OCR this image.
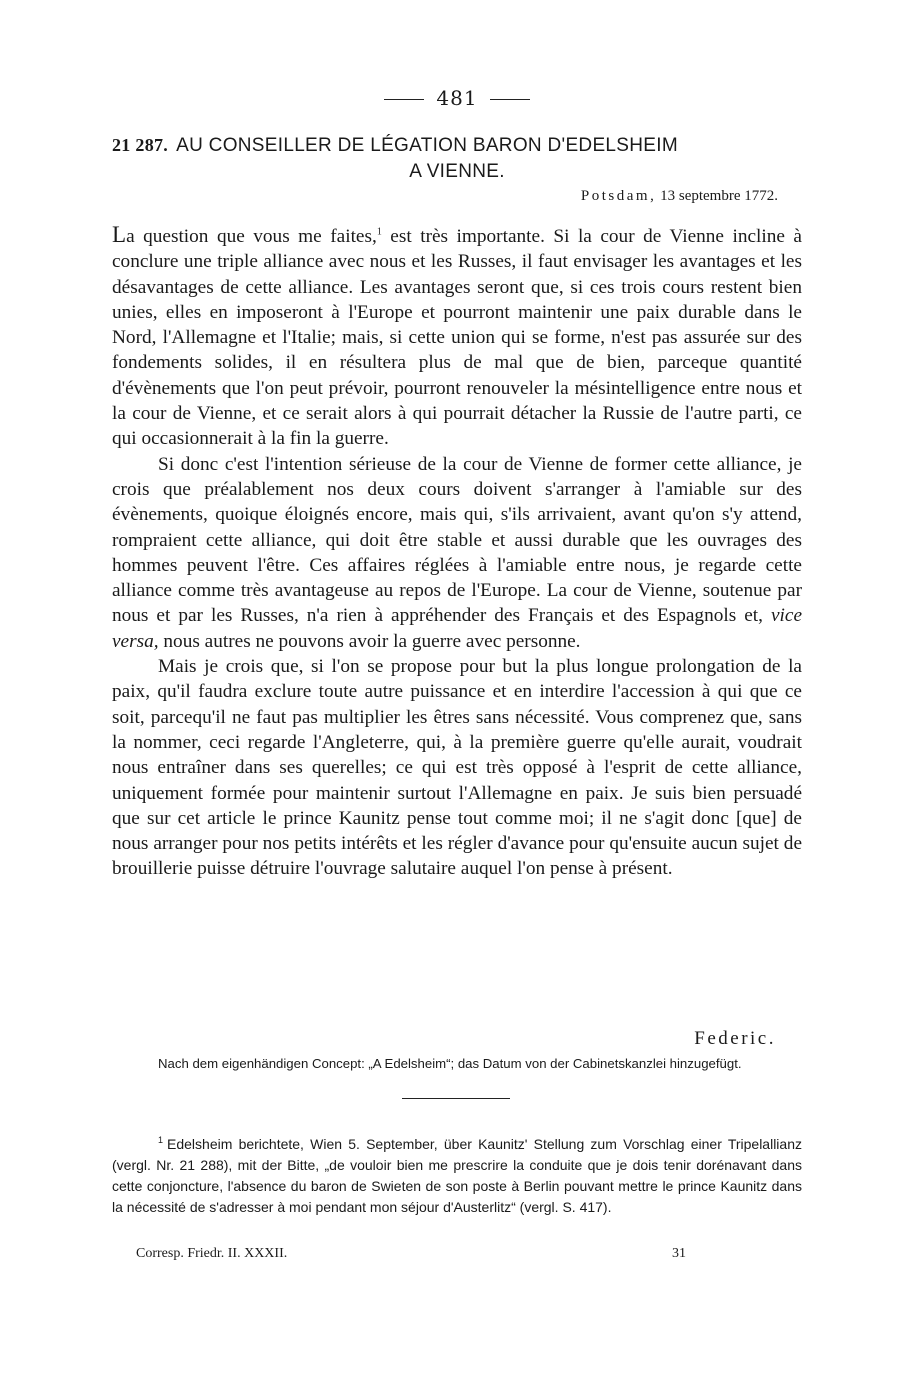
481
21 287. AU CONSEILLER DE LÉGATION BARON D'EDELSHEIM
A VIENNE.
Potsdam, 13 septembre 1772.

La question que vous me faites,$^1$ est très importante. Si la cour de Vienne incline à conclure une triple alliance avec nous et les Russes, il faut envisager les avantages et les désavantages de cette alliance. Les avantages seront que, si ces trois cours restent bien unies, elles en imposeront à l'Europe et pourront maintenir une paix durable dans le Nord, l'Allemagne et l'Italie; mais, si cette union qui se forme, n'est pas assurée sur des fondements solides, il en résultera plus de mal que de bien, parceque quantité d'évènements que l'on peut prévoir, pourront renouveler la mésintelligence entre nous et la cour de Vienne, et ce serait alors à qui pourrait détacher la Russie de l'autre parti, ce qui occasionnerait à la fin la guerre.

Si donc c'est l'intention sérieuse de la cour de Vienne de former cette alliance, je crois que préalablement nos deux cours doivent s'arranger à l'amiable sur des évènements, quoique éloignés encore, mais qui, s'ils arrivaient, avant qu'on s'y attend, rompraient cette alliance, qui doit être stable et aussi durable que les ouvrages des hommes peuvent l'être. Ces affaires réglées à l'amiable entre nous, je regarde cette alliance comme très avantageuse au repos de l'Europe. La cour de Vienne, soutenue par nous et par les Russes, n'a rien à appréhender des Français et des Espagnols et, vice versa, nous autres ne pouvons avoir la guerre avec personne.

Mais je crois que, si l'on se propose pour but la plus longue prolongation de la paix, qu'il faudra exclure toute autre puissance et en interdire l'accession à qui que ce soit, parcequ'il ne faut pas multiplier les êtres sans nécessité. Vous comprenez que, sans la nommer, ceci regarde l'Angleterre, qui, à la première guerre qu'elle aurait, voudrait nous entraîner dans ses querelles; ce qui est très opposé à l'esprit de cette alliance, uniquement formée pour maintenir surtout l'Allemagne en paix. Je suis bien persuadé que sur cet article le prince Kaunitz pense tout comme moi; il ne s'agit donc [que] de nous arranger pour nos petits intérêts et les régler d'avance pour qu'ensuite aucun sujet de brouillerie puisse détruire l'ouvrage salutaire auquel l'on pense à présent.

Federic.
Nach dem eigenhändigen Concept: „A Edelsheim“; das Datum von der Cabinetskanzlei hinzugefügt.
$^1$ Edelsheim berichtete, Wien 5. September, über Kaunitz' Stellung zum Vorschlag einer Tripelallianz (vergl. Nr. 21 288), mit der Bitte, „de vouloir bien me prescrire la conduite que je dois tenir dorénavant dans cette conjoncture, l'absence du baron de Swieten de son poste à Berlin pouvant mettre le prince Kaunitz dans la nécessité de s'adresser à moi pendant mon séjour d'Austerlitz“ (vergl. S. 417).
Corresp. Friedr. II. XXXII.	31
